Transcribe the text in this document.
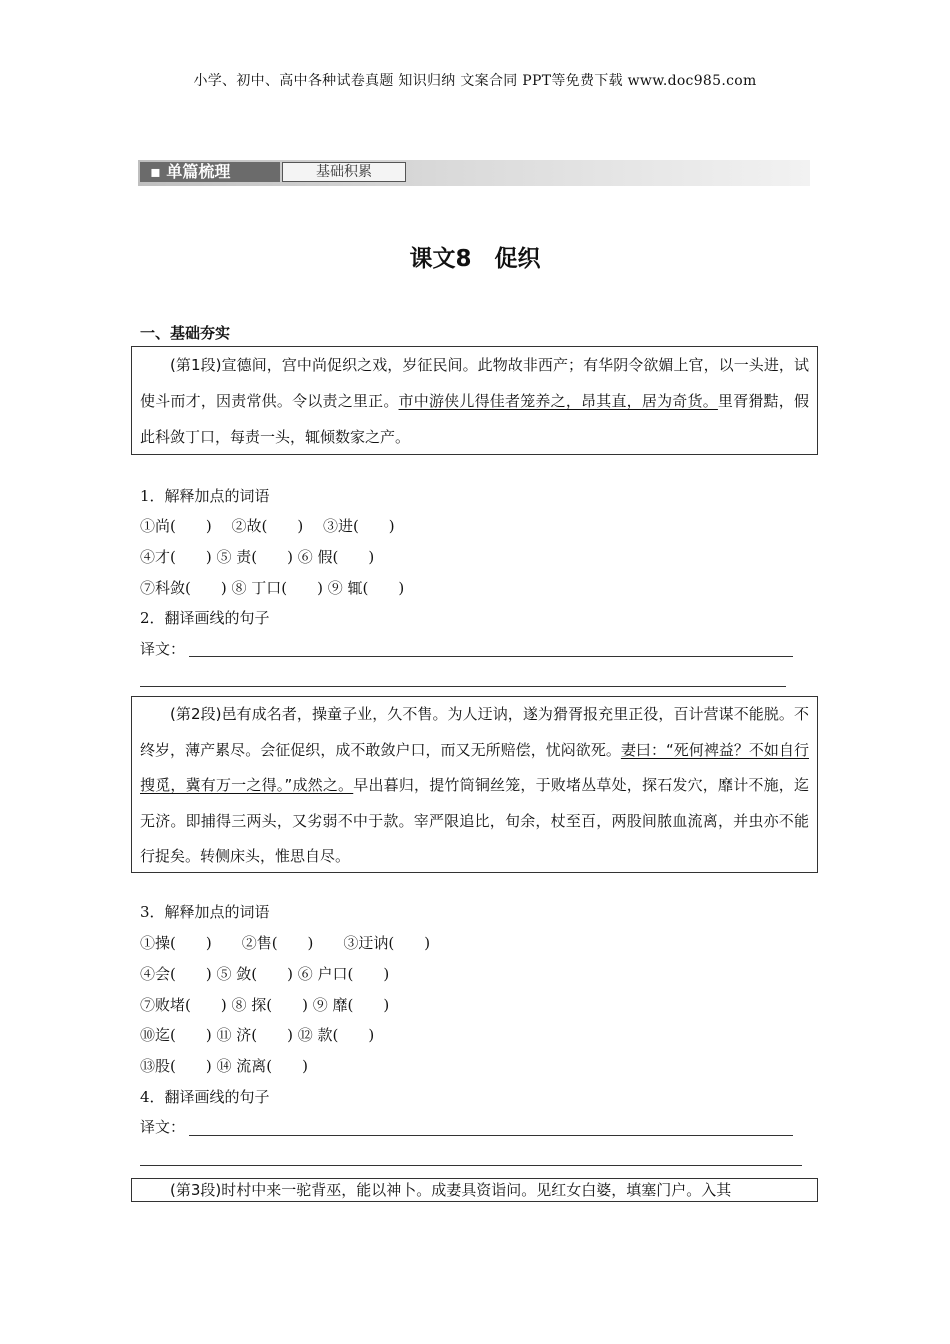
小学、初中、高中各种试卷真题 知识归纳 文案合同 PPT等免费下载 www.doc985.com
▪ 单篇梳理	基础积累
课文8　促织
一、基础夯实

(第1段)宣德间，宫中尚促织之戏，岁征民间。此物故非西产；有华阴令欲媚上官，以一头进，试使斗而才，因责常供。令以责之里正。市中游侠儿得佳者笼养之，昂其直，居为奇货。里胥猾黠，假此科敛丁口，每责一头，辄倾数家之产。

1．解释加点的词语
①尚(　　)　 ②故(　　)　 ③进(　　)
④才(　　) ⑤ 责(　　) ⑥ 假(　　)
⑦科敛(　　) ⑧ 丁口(　　) ⑨ 辄(　　)
2．翻译画线的句子
译文：

(第2段)邑有成名者，操童子业，久不售。为人迂讷，遂为猾胥报充里正役，百计营谋不能脱。不终岁，薄产累尽。会征促织，成不敢敛户口，而又无所赔偿，忧闷欲死。妻曰：“死何裨益？不如自行搜觅，冀有万一之得。”成然之。早出暮归，提竹筒铜丝笼，于败堵丛草处，探石发穴，靡计不施，迄无济。即捕得三两头，又劣弱不中于款。宰严限追比，旬余，杖至百，两股间脓血流离，并虫亦不能行捉矣。转侧床头，惟思自尽。

3．解释加点的词语
①操(　　)　　②售(　　)　　③迂讷(　　)
④会(　　) ⑤ 敛(　　) ⑥ 户口(　　)
⑦败堵(　　) ⑧ 探(　　) ⑨ 靡(　　)
⑩迄(　　) ⑪ 济(　　) ⑫ 款(　　)
⑬股(　　) ⑭ 流离(　　)
4．翻译画线的句子
译文：

(第3段)时村中来一驼背巫，能以神卜。成妻具资诣问。见红女白婆，填塞门户。入其
